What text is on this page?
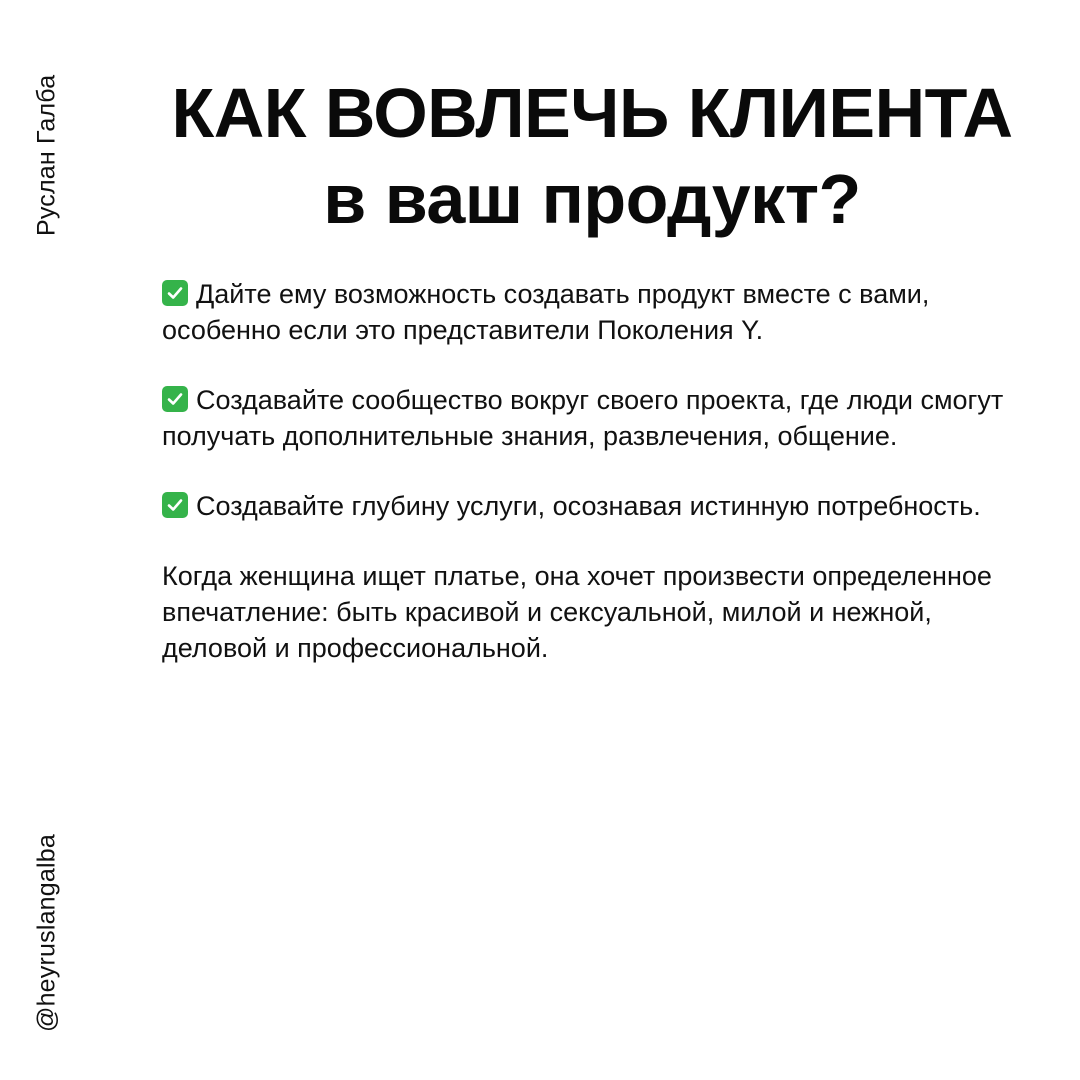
Руслан Галба
@heyruslangalba
КАК ВОВЛЕЧЬ КЛИЕНТА
в ваш продукт?

Дайте ему возможность создавать продукт вместе с вами, особенно если это представители Поколения Y.

Создавайте сообщество вокруг своего проекта, где люди смогут получать дополнительные знания, развлечения, общение.

Создавайте глубину услуги, осознавая истинную потребность.

Когда женщина ищет платье, она хочет произвести определенное впечатление: быть красивой и сексуальной, милой и нежной, деловой и профессиональной.
